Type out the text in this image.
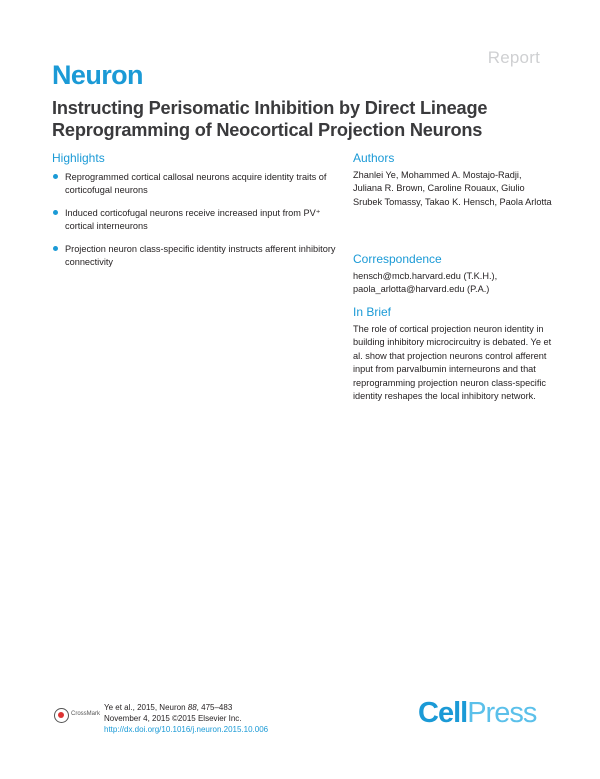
Report
Neuron
Instructing Perisomatic Inhibition by Direct Lineage Reprogramming of Neocortical Projection Neurons
Highlights
Reprogrammed cortical callosal neurons acquire identity traits of corticofugal neurons
Induced corticofugal neurons receive increased input from PV⁺ cortical interneurons
Projection neuron class-specific identity instructs afferent inhibitory connectivity
Authors
Zhanlei Ye, Mohammed A. Mostajo-Radji, Juliana R. Brown, Caroline Rouaux, Giulio Srubek Tomassy, Takao K. Hensch, Paola Arlotta
Correspondence
hensch@mcb.harvard.edu (T.K.H.),
paola_arlotta@harvard.edu (P.A.)
In Brief
The role of cortical projection neuron identity in building inhibitory microcircuitry is debated. Ye et al. show that projection neurons control afferent input from parvalbumin interneurons and that reprogramming projection neuron class-specific identity reshapes the local inhibitory network.
CrossMark
Ye et al., 2015, Neuron 88, 475–483
November 4, 2015 ©2015 Elsevier Inc.
http://dx.doi.org/10.1016/j.neuron.2015.10.006
CellPress
